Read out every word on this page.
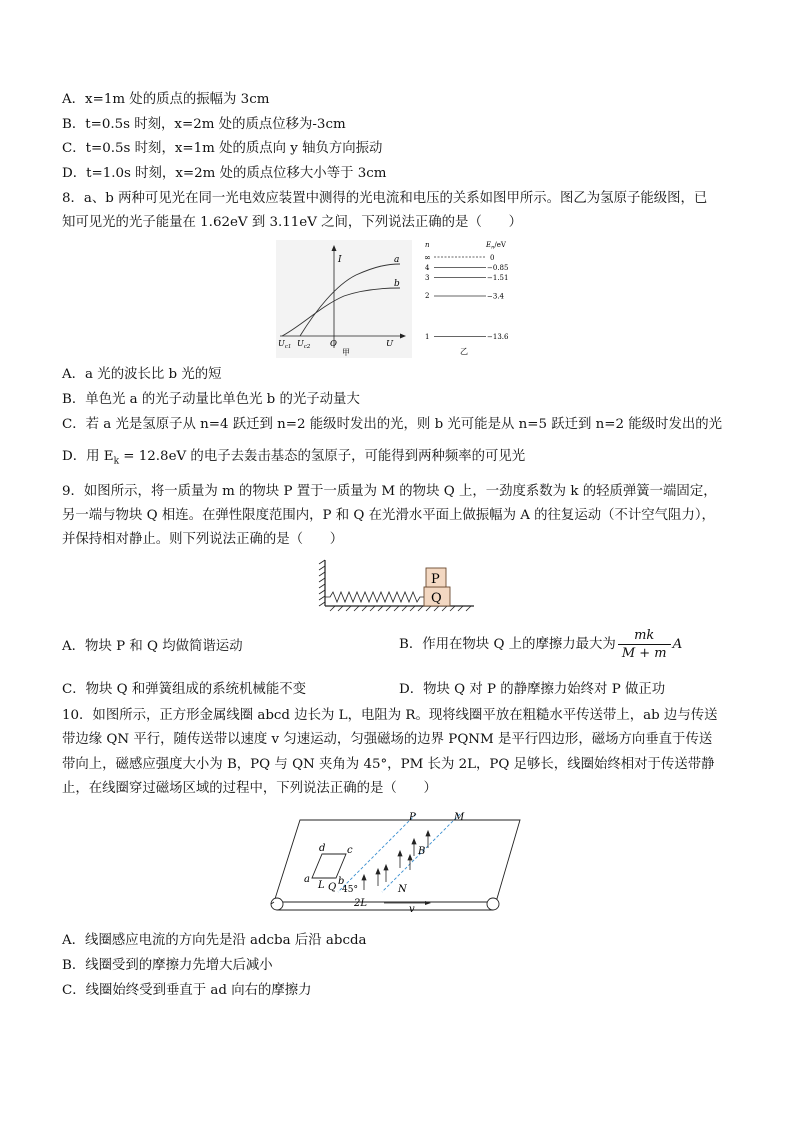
A．x=1m 处的质点的振幅为 3cm
B．t=0.5s 时刻，x=2m 处的质点位移为-3cm
C．t=0.5s 时刻，x=1m 处的质点向 y 轴负方向振动
D．t=1.0s 时刻，x=2m 处的质点位移大小等于 3cm
8．a、b 两种可见光在同一光电效应装置中测得的光电流和电压的关系如图甲所示。图乙为氢原子能级图，已
知可见光的光子能量在 1.62eV 到 3.11eV 之间，下列说法正确的是（　　）
I	a
b
O	U
$U_{c1}$ $U_{c2}$
甲
n	$E_n/eV$
∞	0
4	−0.85
3	−1.51
2	−3.4
1	−13.6
乙
A．a 光的波长比 b 光的短
B．单色光 a 的光子动量比单色光 b 的光子动量大
C．若 a 光是氢原子从 n=4 跃迁到 n=2 能级时发出的光，则 b 光可能是从 n=5 跃迁到 n=2 能级时发出的光
D．用 $E_k = 12.8eV$ 的电子去轰击基态的氢原子，可能得到两种频率的可见光
9．如图所示，将一质量为 m 的物块 P 置于一质量为 M 的物块 Q 上，一劲度系数为 k 的轻质弹簧一端固定，
另一端与物块 Q 相连。在弹性限度范围内，P 和 Q 在光滑水平面上做振幅为 A 的往复运动（不计空气阻力），
并保持相对静止。则下列说法正确的是（　　）
Q
P
A．物块 P 和 Q 均做简谐运动	B．作用在物块 Q 上的摩擦力最大为 $\frac{mk}{M + m}$ A
C．物块 Q 和弹簧组成的系统机械能不变	D．物块 Q 对 P 的静摩擦力始终对 P 做正功
10．如图所示，正方形金属线圈 abcd 边长为 L，电阻为 R。现将线圈平放在粗糙水平传送带上，ab 边与传送
带边缘 QN 平行，随传送带以速度 v 匀速运动，匀强磁场的边界 PQNM 是平行四边形，磁场方向垂直于传送
带向上，磁感应强度大小为 B，PQ 与 QN 夹角为 45°，PM 长为 2L，PQ 足够长，线圈始终相对于传送带静
止，在线圈穿过磁场区域的过程中，下列说法正确的是（　　）
B
P	M
Q	N
45°
a	b
c
d
L
2L
v
A．线圈感应电流的方向先是沿 adcba 后沿 abcda
B．线圈受到的摩擦力先增大后减小
C．线圈始终受到垂直于 ad 向右的摩擦力
